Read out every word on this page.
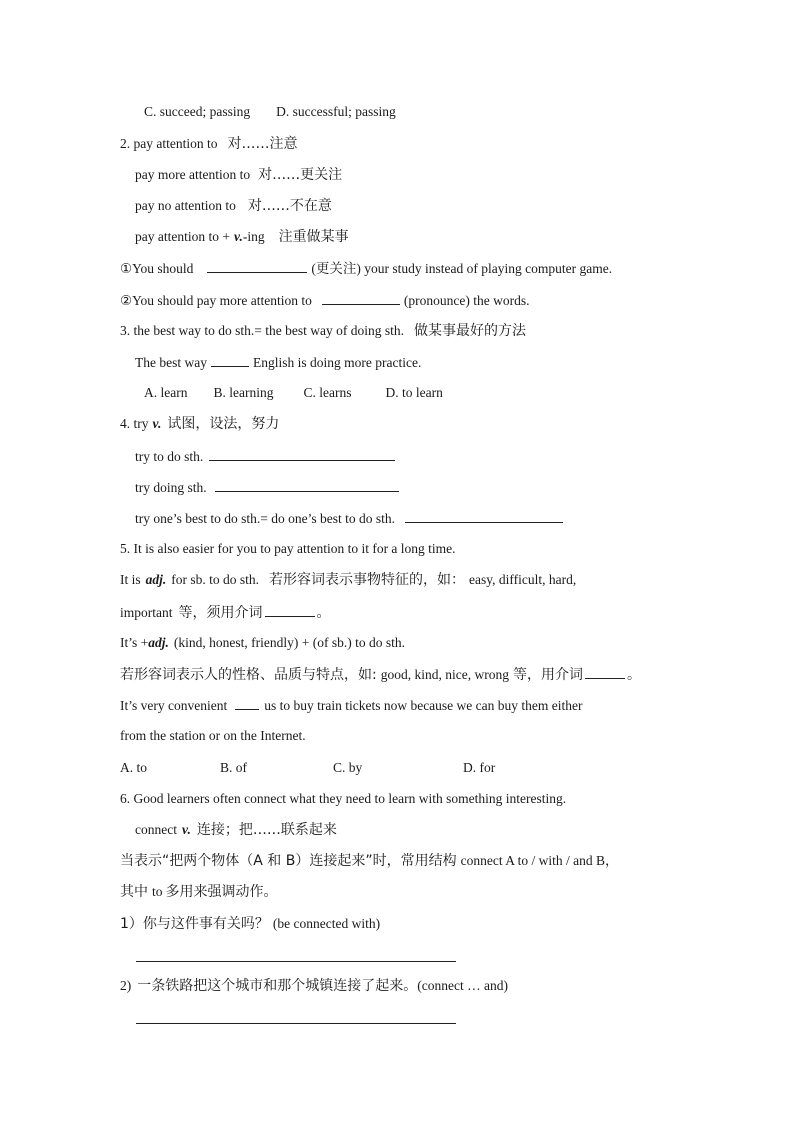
C. succeed; passing D. successful; passing
2. pay attention to 对……注意
pay more attention to 对……更关注
pay no attention to 对……不在意
pay attention to + v.-ing 注重做某事
①You should	(更关注) your study instead of playing computer game.
②You should pay more attention to	(pronounce) the words.
3. the best way to do sth.= the best way of doing sth. 做某事最好的方法
The best way	English is doing more practice.
A. learn B. learning C. learns	D. to learn
4. try v. 试图，设法，努力
try to do sth.
try doing sth.
try one’s best to do sth.= do one’s best to do sth.
5. It is also easier for you to pay attention to it for a long time.
It is adj. for sb. to do sth. 若形容词表示事物特征的，如： easy, difficult, hard,
important 等，须用介词	。
It’s +adj. (kind, honest, friendly) + (of sb.) to do sth.
若形容词表示人的性格、品质与特点，如: good, kind, nice, wrong 等，用介词	。
It’s very convenient	us to buy train tickets now because we can buy them either
from the station or on the Internet.
A. to	B. of	C. by	D. for
6. Good learners often connect what they need to learn with something interesting.
connect v. 连接；把……联系起来
当表示“把两个物体（A 和 B）连接起来”时，常用结构 connect A to / with / and B，
其中 to 多用来强调动作。
1）你与这件事有关吗？ (be connected with)
2) 一条铁路把这个城市和那个城镇连接了起来。(connect … and)
